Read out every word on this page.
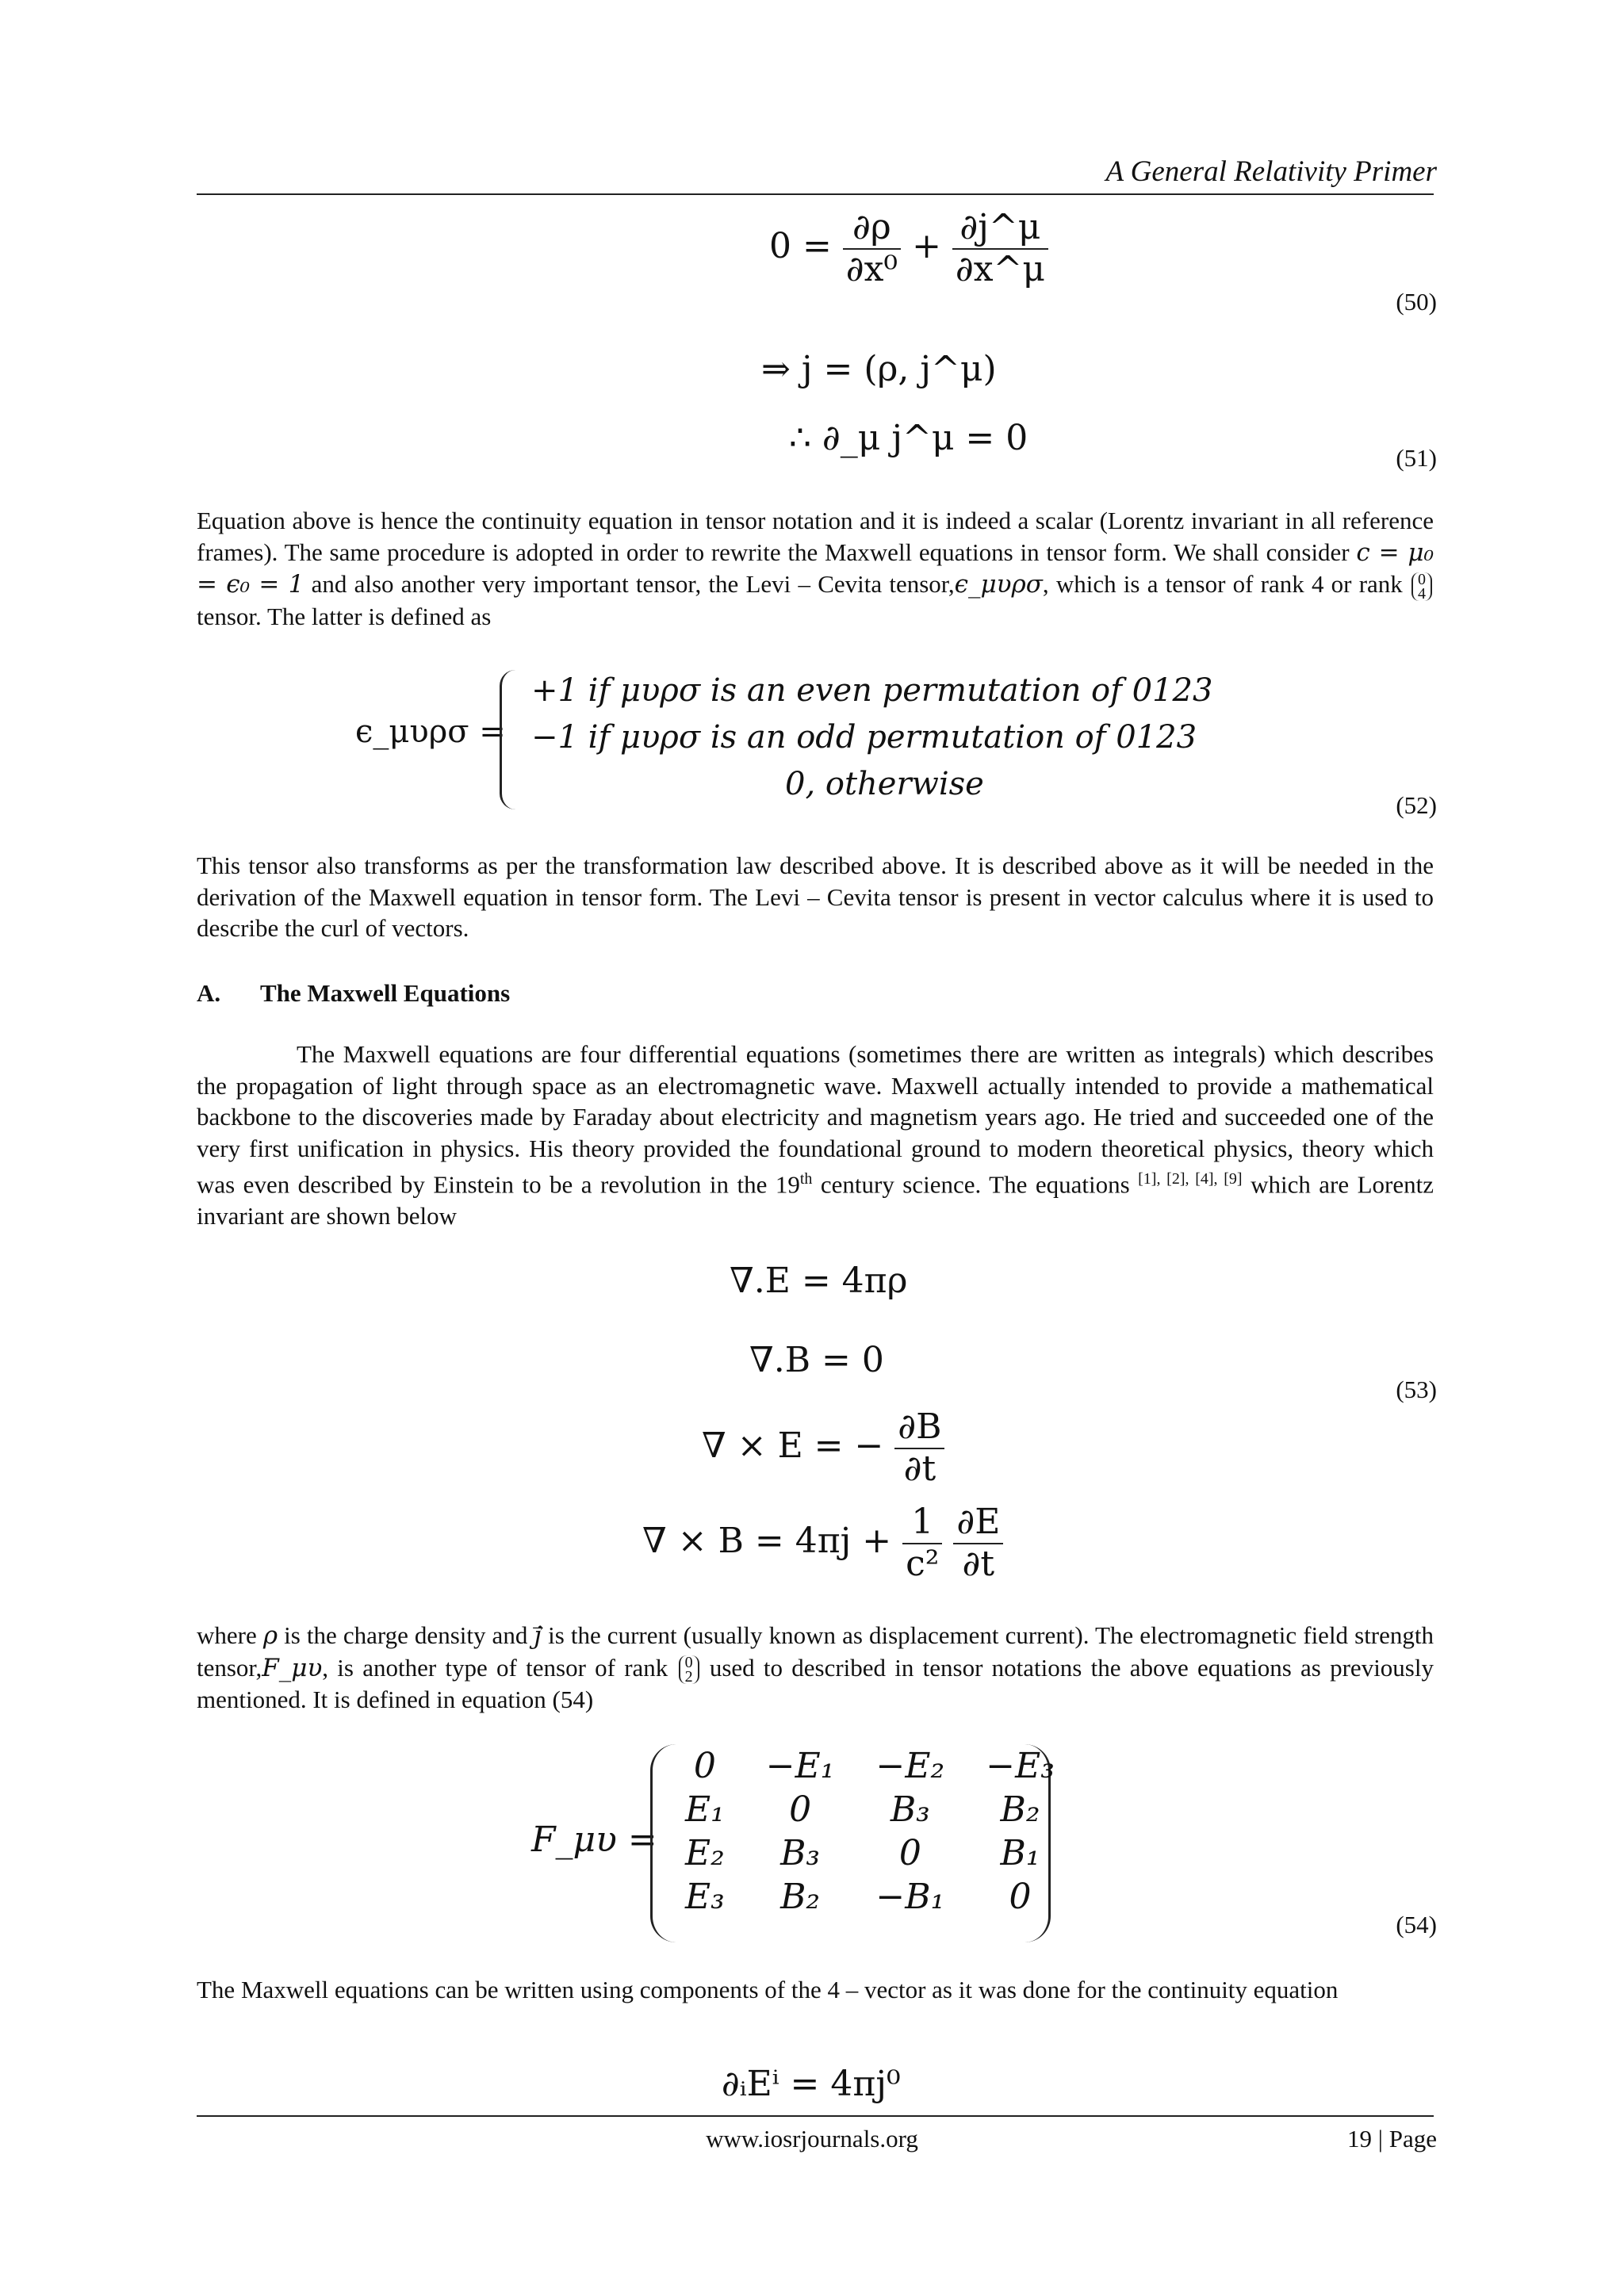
A General Relativity Primer
$0 = \frac{\partial\rho}{\text{∂x⁰}} + \frac{\partial j\^{}\mu}{\partial x\^{}\mu}$
(50)
⇒ j = (ρ, j^μ)
∴ ∂_μ j^μ = 0	(51)

Equation above is hence the continuity equation in tensor notation and it is indeed a scalar (Lorentz invariant in all reference frames). The same procedure is adopted in order to rewrite the Maxwell equations in tensor form. We shall consider c = μ₀ = ϵ₀ = 1 and also another very important tensor, the Levi – Cevita tensor,ϵ_μυρσ, which is a tensor of rank 4 or rank 0
4 tensor. The latter is defined as

ϵ_μυρσ =
+1 if μυρσ is an even permutation of 0123
−1 if μυρσ is an odd permutation of 0123
0, otherwise
(52)
This tensor also transforms as per the transformation law described above. It is described above as it will be needed in the derivation of the Maxwell equation in tensor form. The Levi – Cevita tensor is present in vector calculus where it is used to describe the curl of vectors.
A. The Maxwell Equations

The Maxwell equations are four differential equations (sometimes there are written as integrals) which describes the propagation of light through space as an electromagnetic wave. Maxwell actually intended to provide a mathematical backbone to the discoveries made by Faraday about electricity and magnetism years ago. He tried and succeeded one of the very first unification in physics. His theory provided the foundational ground to modern theoretical physics, theory which was even described by Einstein to be a revolution in the 19th century science. The equations [1], [2], [4], [9] which are Lorentz invariant are shown below

∇.E = 4πρ
∇.B = 0
∇ × E = − $\frac{\partial B}{\partial t}$
∇ × $B = 4\pi j + \frac{1}{\text{c²}}$
$\frac{\partial E}{\partial t}$
(53)

where ρ is the charge density and → j is the current (usually known as displacement current). The electromagnetic field strength tensor,F_μυ, is another type of tensor of rank 0
2 used to described in tensor notations the above equations as previously mentioned. It is defined in equation (54)

F_μυ =
0	−E₁	−E₂	−E₃
E₁	0	B₃	B₂
E₂	B₃	0	B₁
E₃	B₂	−B₁	0
(54)
The Maxwell equations can be written using components of the 4 – vector as it was done for the continuity equation
∂ᵢEⁱ = 4πj⁰
www.iosrjournals.org	19 | Page
